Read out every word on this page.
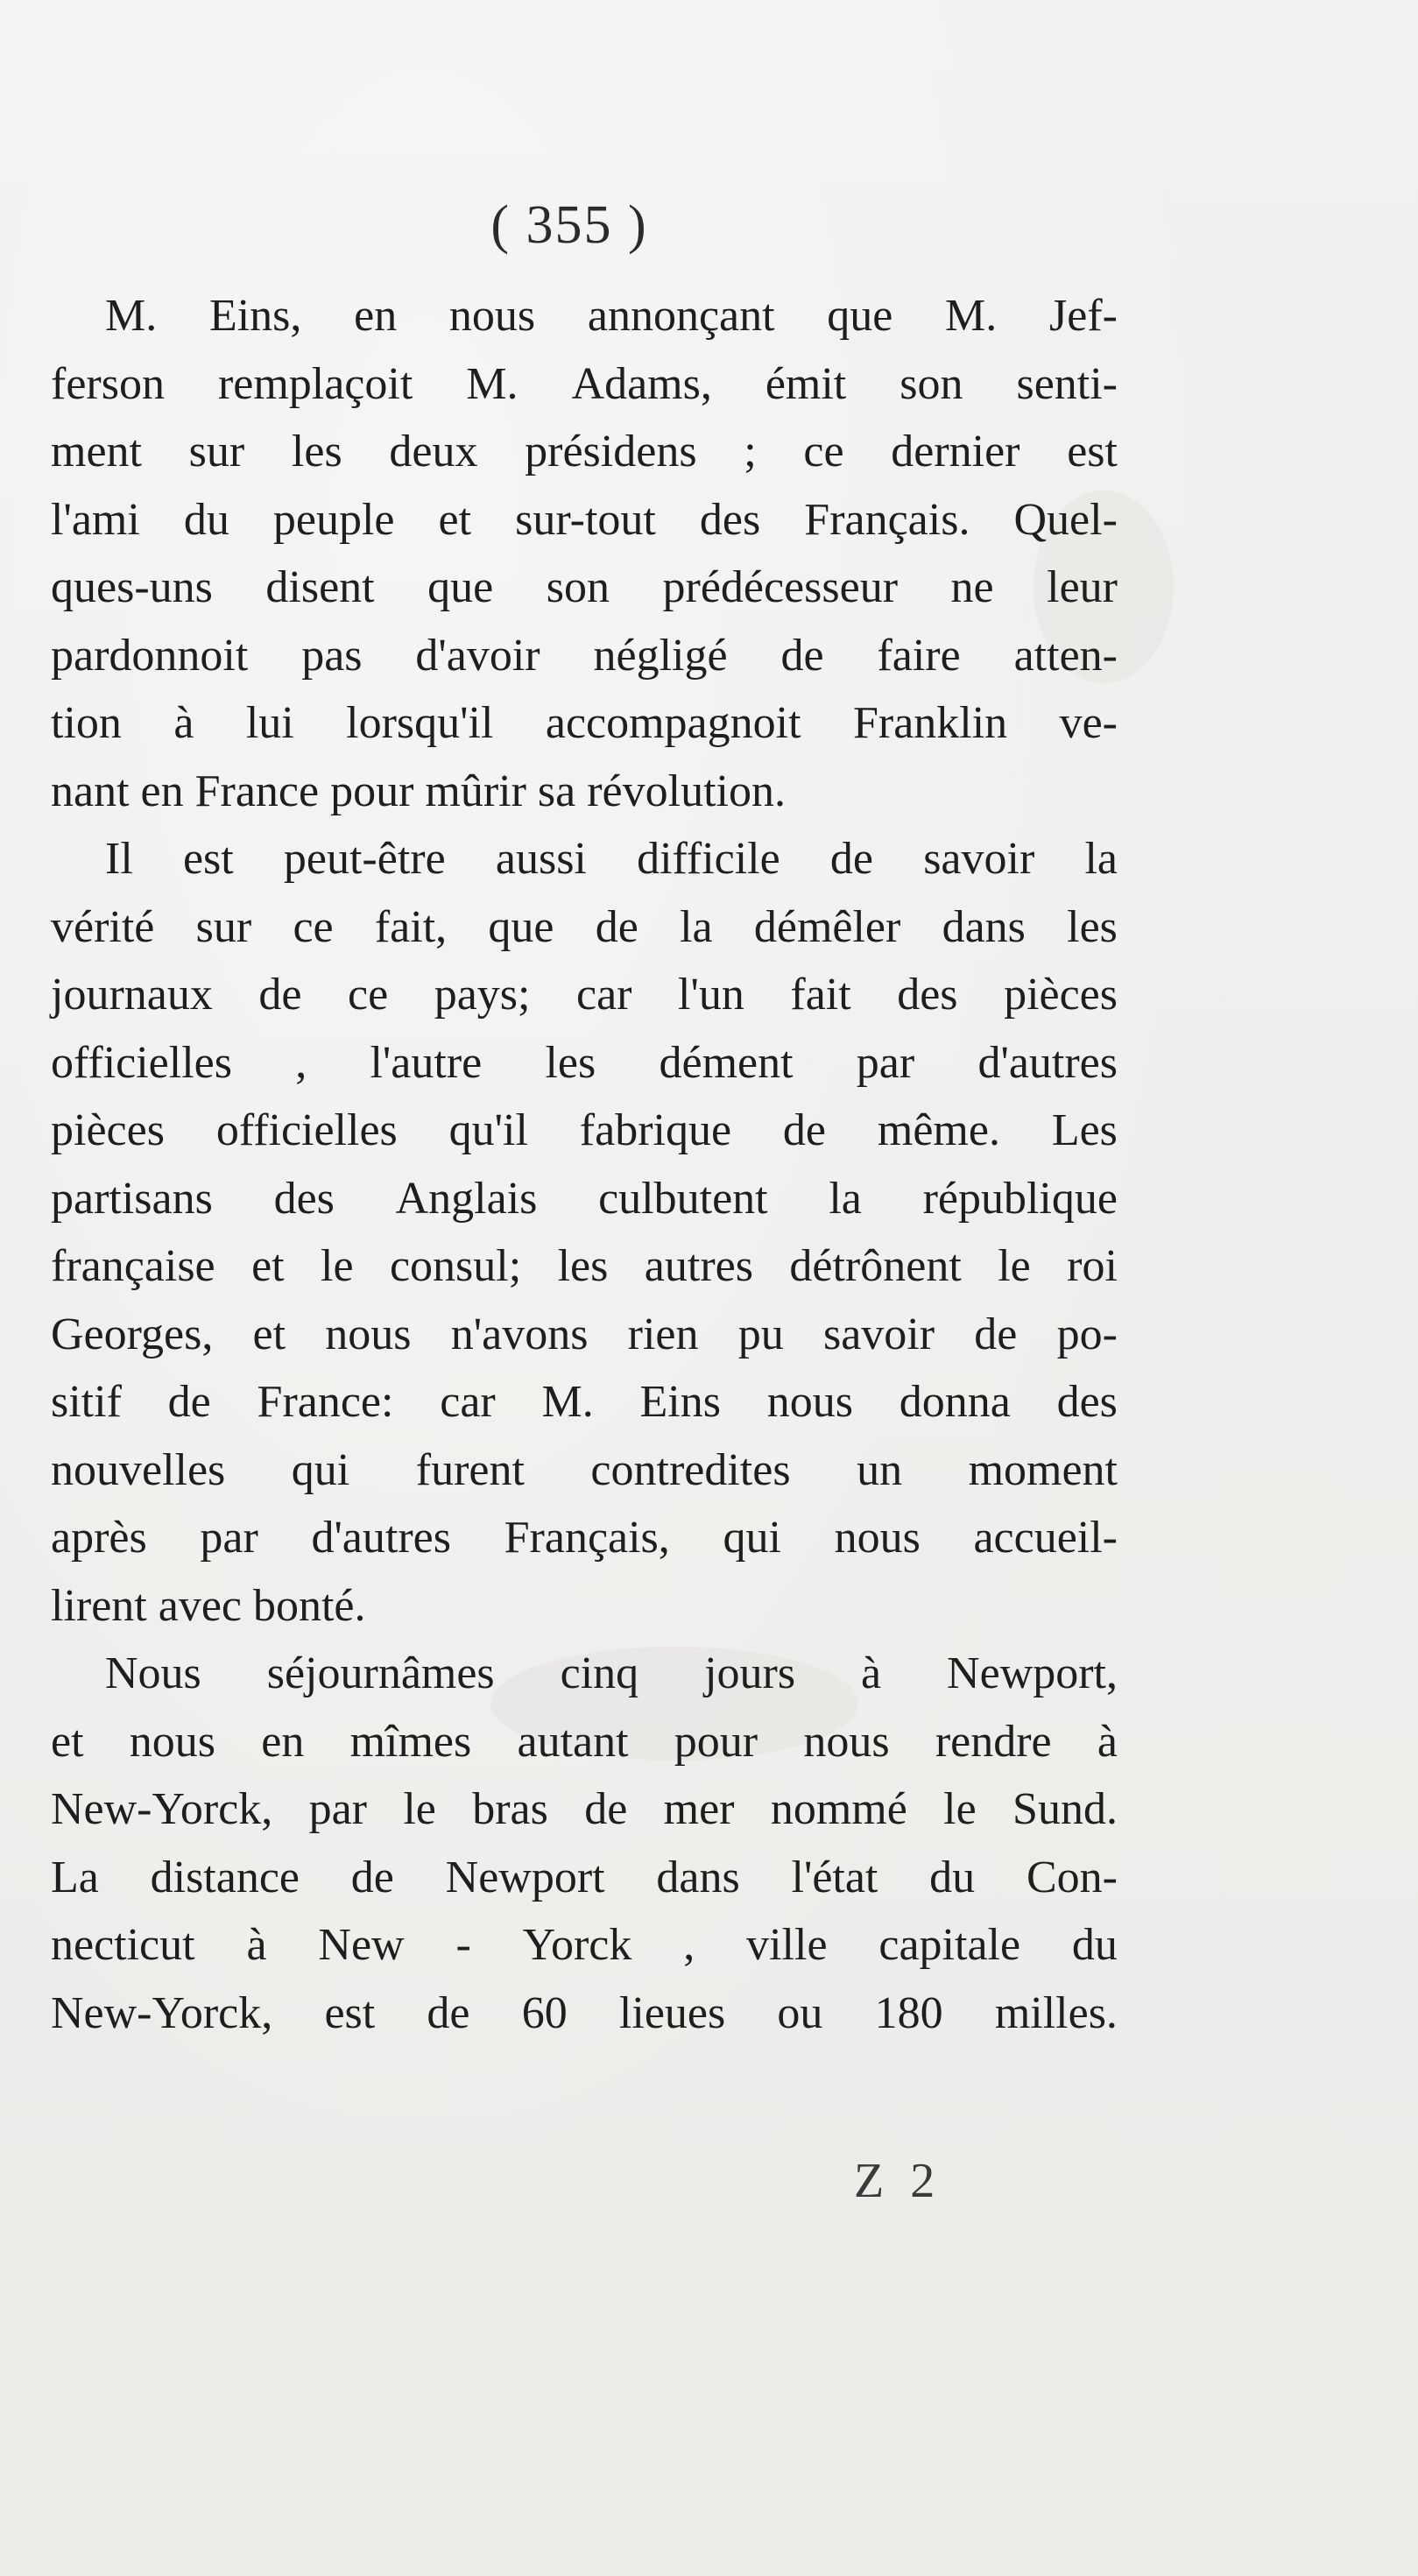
( 355 )
M. Eins, en nous annonçant que M. Jef-
ferson remplaçoit M. Adams, émit son senti-
ment sur les deux présidens ; ce dernier est
l'ami du peuple et sur-tout des Français. Quel-
ques-uns disent que son prédécesseur ne leur
pardonnoit pas d'avoir négligé de faire atten-
tion à lui lorsqu'il accompagnoit Franklin ve-
nant en France pour mûrir sa révolution.
Il est peut-être aussi difficile de savoir la
vérité sur ce fait, que de la démêler dans les
journaux de ce pays; car l'un fait des pièces
officielles , l'autre les dément par d'autres
pièces officielles qu'il fabrique de même. Les
partisans des Anglais culbutent la république
française et le consul; les autres détrônent le roi
Georges, et nous n'avons rien pu savoir de po-
sitif de France: car M. Eins nous donna des
nouvelles qui furent contredites un moment
après par d'autres Français, qui nous accueil-
lirent avec bonté.
Nous séjournâmes cinq jours à Newport,
et nous en mîmes autant pour nous rendre à
New-Yorck, par le bras de mer nommé le Sund.
La distance de Newport dans l'état du Con-
necticut à New - Yorck , ville capitale du
New-Yorck, est de 60 lieues ou 180 milles.
Z 2
